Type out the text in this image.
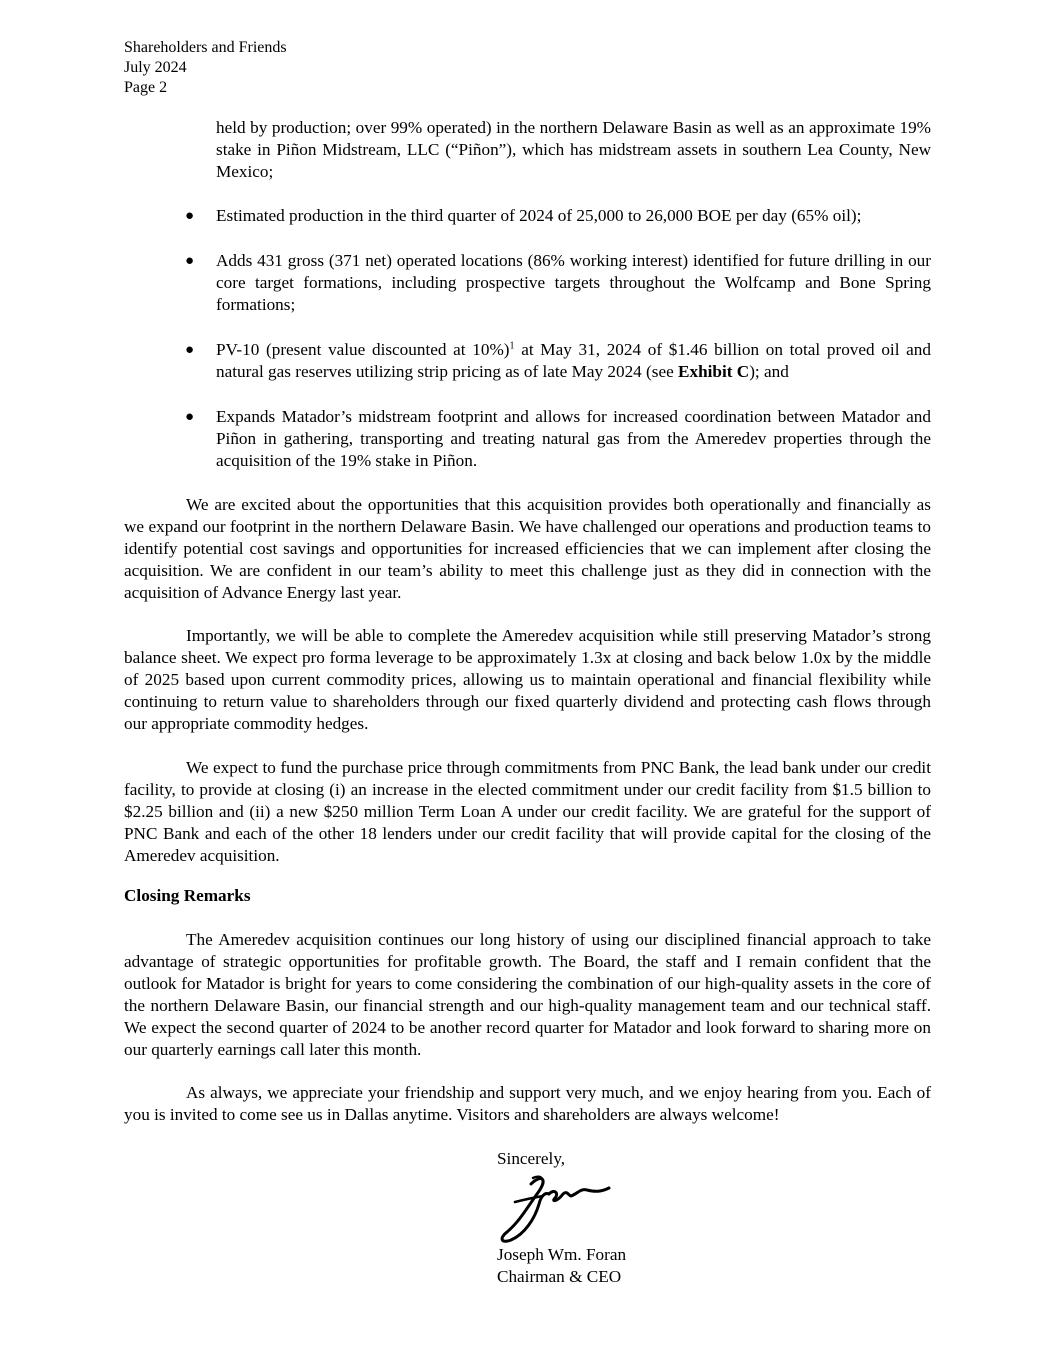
Shareholders and Friends
July 2024
Page 2
held by production; over 99% operated) in the northern Delaware Basin as well as an approximate 19% stake in Piñon Midstream, LLC (“Piñon”), which has midstream assets in southern Lea County, New Mexico;
● Estimated production in the third quarter of 2024 of 25,000 to 26,000 BOE per day (65% oil);
● Adds 431 gross (371 net) operated locations (86% working interest) identified for future drilling in our core target formations, including prospective targets throughout the Wolfcamp and Bone Spring formations;
● PV-10 (present value discounted at 10%)$^1$ at May 31, 2024 of $1.46 billion on total proved oil and natural gas reserves utilizing strip pricing as of late May 2024 (see Exhibit C); and
● Expands Matador’s midstream footprint and allows for increased coordination between Matador and Piñon in gathering, transporting and treating natural gas from the Ameredev properties through the acquisition of the 19% stake in Piñon.

We are excited about the opportunities that this acquisition provides both operationally and financially as we expand our footprint in the northern Delaware Basin. We have challenged our operations and production teams to identify potential cost savings and opportunities for increased efficiencies that we can implement after closing the acquisition. We are confident in our team’s ability to meet this challenge just as they did in connection with the acquisition of Advance Energy last year.

Importantly, we will be able to complete the Ameredev acquisition while still preserving Matador’s strong balance sheet. We expect pro forma leverage to be approximately 1.3x at closing and back below 1.0x by the middle of 2025 based upon current commodity prices, allowing us to maintain operational and financial flexibility while continuing to return value to shareholders through our fixed quarterly dividend and protecting cash flows through our appropriate commodity hedges.

We expect to fund the purchase price through commitments from PNC Bank, the lead bank under our credit facility, to provide at closing (i) an increase in the elected commitment under our credit facility from $1.5 billion to $2.25 billion and (ii) a new $250 million Term Loan A under our credit facility. We are grateful for the support of PNC Bank and each of the other 18 lenders under our credit facility that will provide capital for the closing of the Ameredev acquisition.

Closing Remarks

The Ameredev acquisition continues our long history of using our disciplined financial approach to take advantage of strategic opportunities for profitable growth. The Board, the staff and I remain confident that the outlook for Matador is bright for years to come considering the combination of our high-quality assets in the core of the northern Delaware Basin, our financial strength and our high-quality management team and our technical staff. We expect the second quarter of 2024 to be another record quarter for Matador and look forward to sharing more on our quarterly earnings call later this month.

As always, we appreciate your friendship and support very much, and we enjoy hearing from you. Each of you is invited to come see us in Dallas anytime. Visitors and shareholders are always welcome!

Sincerely,
Joseph Wm. Foran
Chairman & CEO
